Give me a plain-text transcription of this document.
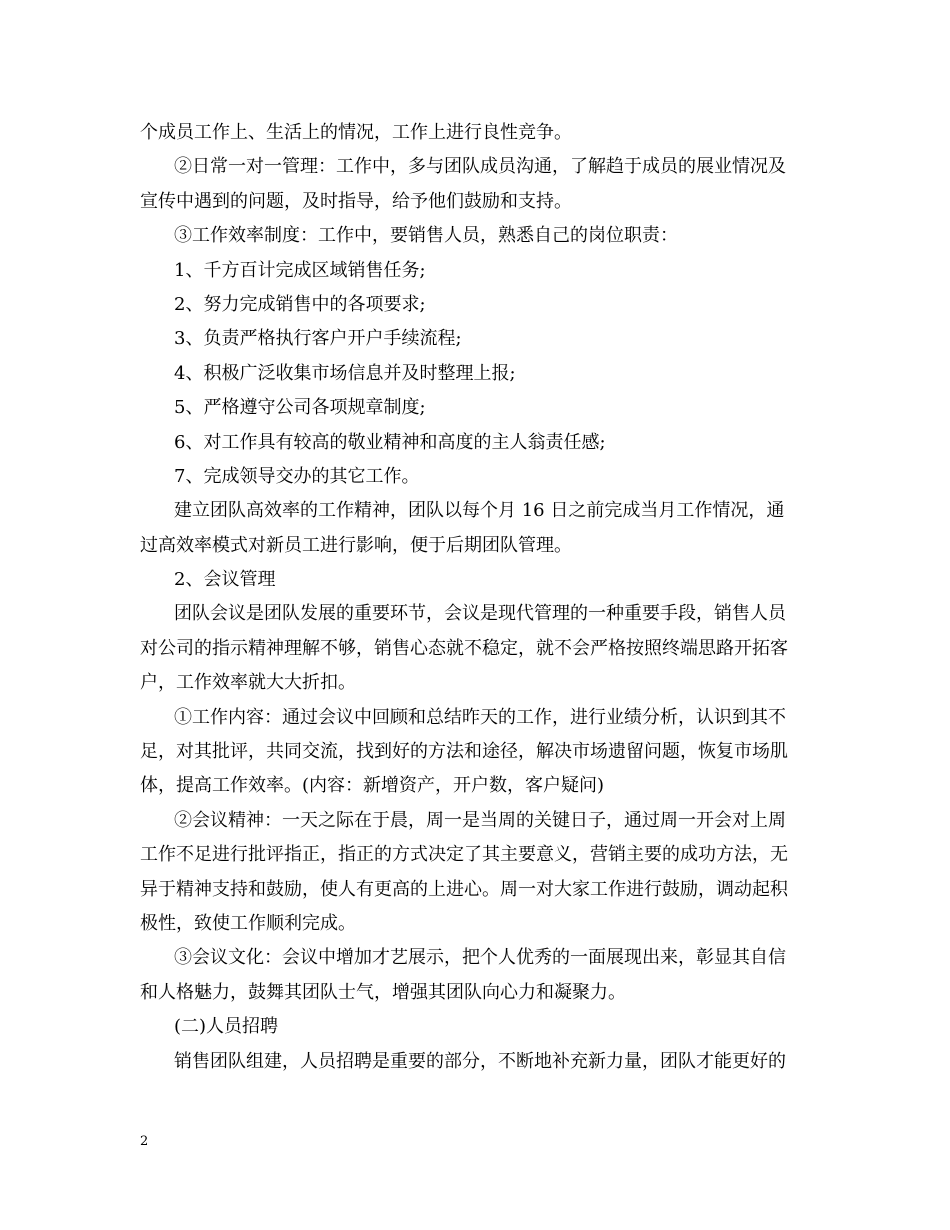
个成员工作上、生活上的情况，工作上进行良性竞争。
②日常一对一管理：工作中，多与团队成员沟通，了解趋于成员的展业情况及
宣传中遇到的问题，及时指导，给予他们鼓励和支持。
③工作效率制度：工作中，要销售人员，熟悉自己的岗位职责：
1、千方百计完成区域销售任务;
2、努力完成销售中的各项要求;
3、负责严格执行客户开户手续流程;
4、积极广泛收集市场信息并及时整理上报;
5、严格遵守公司各项规章制度;
6、对工作具有较高的敬业精神和高度的主人翁责任感;
7、完成领导交办的其它工作。
建立团队高效率的工作精神，团队以每个月 16 日之前完成当月工作情况，通
过高效率模式对新员工进行影响，便于后期团队管理。
2、会议管理
团队会议是团队发展的重要环节，会议是现代管理的一种重要手段，销售人员
对公司的指示精神理解不够，销售心态就不稳定，就不会严格按照终端思路开拓客
户，工作效率就大大折扣。
①工作内容：通过会议中回顾和总结昨天的工作，进行业绩分析，认识到其不
足，对其批评，共同交流，找到好的方法和途径，解决市场遗留问题，恢复市场肌
体，提高工作效率。(内容：新增资产，开户数，客户疑问)
②会议精神：一天之际在于晨，周一是当周的关键日子，通过周一开会对上周
工作不足进行批评指正，指正的方式决定了其主要意义，营销主要的成功方法，无
异于精神支持和鼓励，使人有更高的上进心。周一对大家工作进行鼓励，调动起积
极性，致使工作顺利完成。
③会议文化：会议中增加才艺展示，把个人优秀的一面展现出来，彰显其自信
和人格魅力，鼓舞其团队士气，增强其团队向心力和凝聚力。
(二)人员招聘
销售团队组建，人员招聘是重要的部分，不断地补充新力量，团队才能更好的
2
